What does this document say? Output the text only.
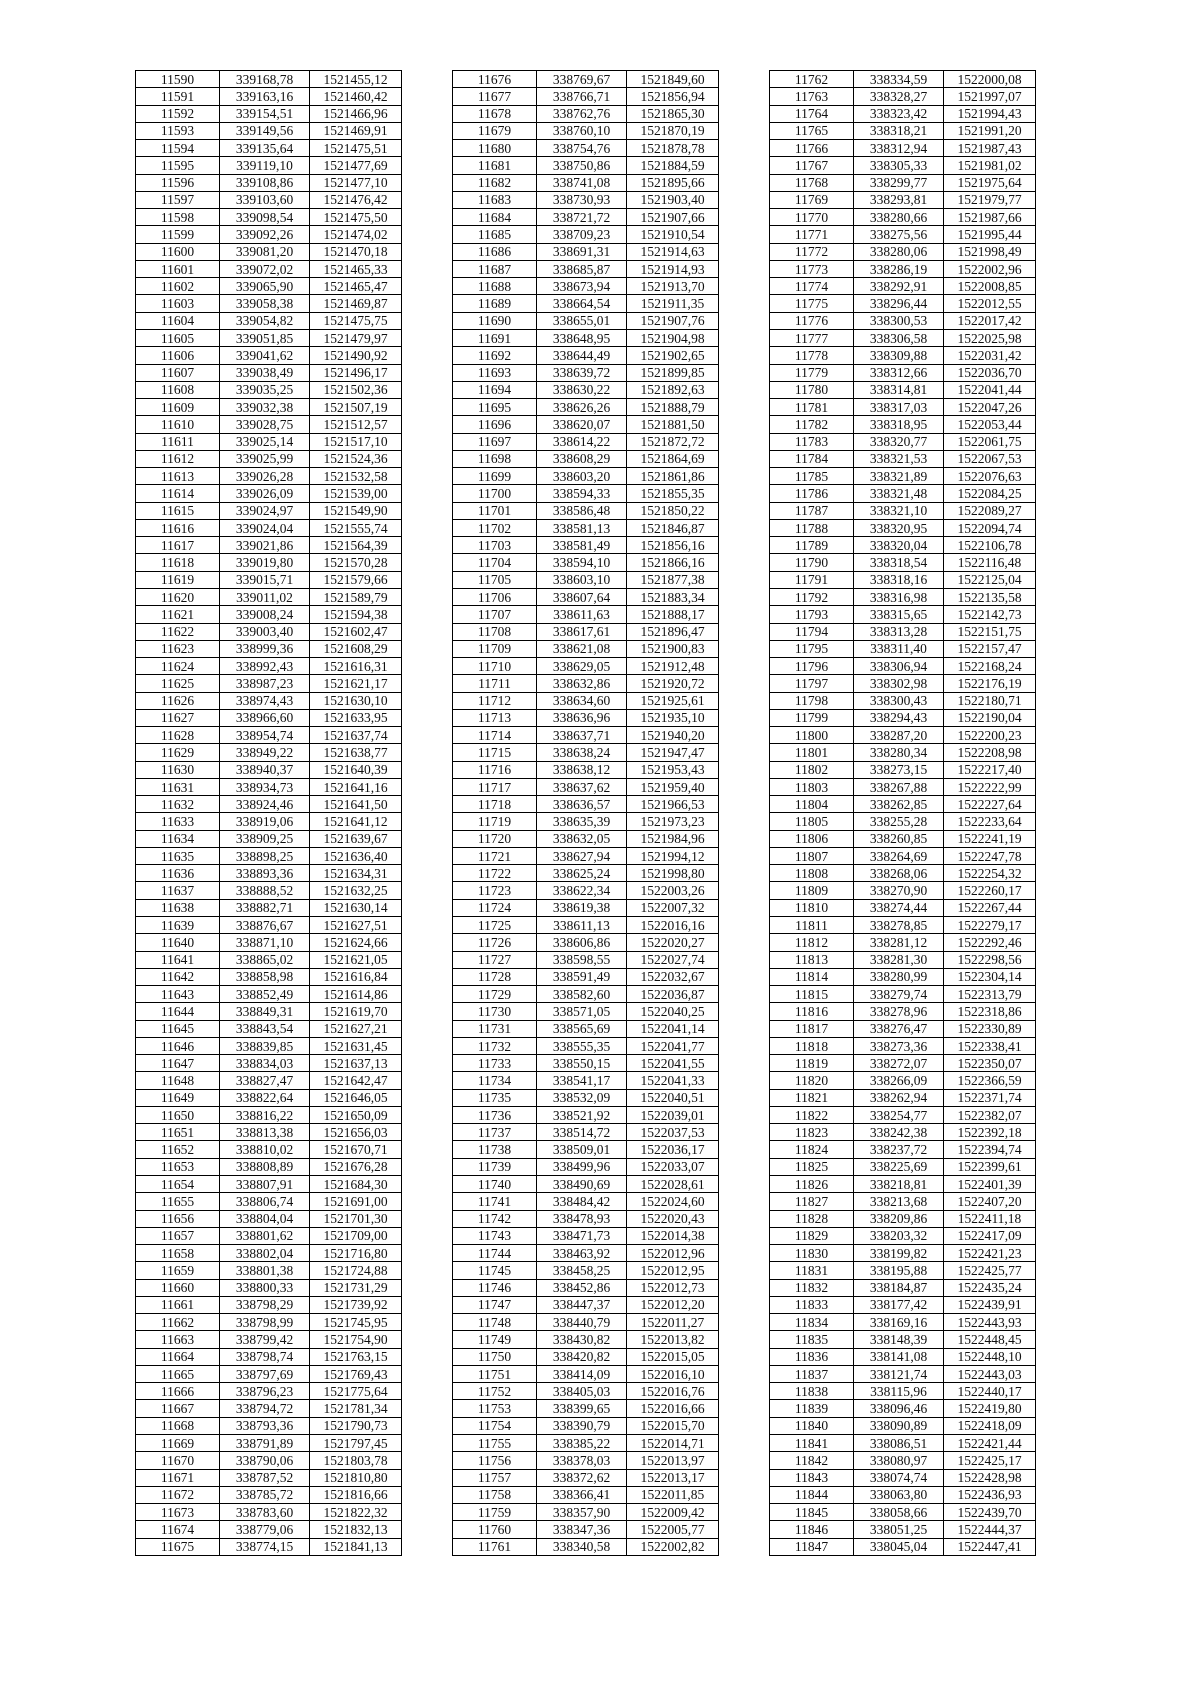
11590	339168,78	1521455,12
11591	339163,16	1521460,42
11592	339154,51	1521466,96
11593	339149,56	1521469,91
11594	339135,64	1521475,51
11595	339119,10	1521477,69
11596	339108,86	1521477,10
11597	339103,60	1521476,42
11598	339098,54	1521475,50
11599	339092,26	1521474,02
11600	339081,20	1521470,18
11601	339072,02	1521465,33
11602	339065,90	1521465,47
11603	339058,38	1521469,87
11604	339054,82	1521475,75
11605	339051,85	1521479,97
11606	339041,62	1521490,92
11607	339038,49	1521496,17
11608	339035,25	1521502,36
11609	339032,38	1521507,19
11610	339028,75	1521512,57
11611	339025,14	1521517,10
11612	339025,99	1521524,36
11613	339026,28	1521532,58
11614	339026,09	1521539,00
11615	339024,97	1521549,90
11616	339024,04	1521555,74
11617	339021,86	1521564,39
11618	339019,80	1521570,28
11619	339015,71	1521579,66
11620	339011,02	1521589,79
11621	339008,24	1521594,38
11622	339003,40	1521602,47
11623	338999,36	1521608,29
11624	338992,43	1521616,31
11625	338987,23	1521621,17
11626	338974,43	1521630,10
11627	338966,60	1521633,95
11628	338954,74	1521637,74
11629	338949,22	1521638,77
11630	338940,37	1521640,39
11631	338934,73	1521641,16
11632	338924,46	1521641,50
11633	338919,06	1521641,12
11634	338909,25	1521639,67
11635	338898,25	1521636,40
11636	338893,36	1521634,31
11637	338888,52	1521632,25
11638	338882,71	1521630,14
11639	338876,67	1521627,51
11640	338871,10	1521624,66
11641	338865,02	1521621,05
11642	338858,98	1521616,84
11643	338852,49	1521614,86
11644	338849,31	1521619,70
11645	338843,54	1521627,21
11646	338839,85	1521631,45
11647	338834,03	1521637,13
11648	338827,47	1521642,47
11649	338822,64	1521646,05
11650	338816,22	1521650,09
11651	338813,38	1521656,03
11652	338810,02	1521670,71
11653	338808,89	1521676,28
11654	338807,91	1521684,30
11655	338806,74	1521691,00
11656	338804,04	1521701,30
11657	338801,62	1521709,00
11658	338802,04	1521716,80
11659	338801,38	1521724,88
11660	338800,33	1521731,29
11661	338798,29	1521739,92
11662	338798,99	1521745,95
11663	338799,42	1521754,90
11664	338798,74	1521763,15
11665	338797,69	1521769,43
11666	338796,23	1521775,64
11667	338794,72	1521781,34
11668	338793,36	1521790,73
11669	338791,89	1521797,45
11670	338790,06	1521803,78
11671	338787,52	1521810,80
11672	338785,72	1521816,66
11673	338783,60	1521822,32
11674	338779,06	1521832,13
11675	338774,15	1521841,13
11676	338769,67	1521849,60
11677	338766,71	1521856,94
11678	338762,76	1521865,30
11679	338760,10	1521870,19
11680	338754,76	1521878,78
11681	338750,86	1521884,59
11682	338741,08	1521895,66
11683	338730,93	1521903,40
11684	338721,72	1521907,66
11685	338709,23	1521910,54
11686	338691,31	1521914,63
11687	338685,87	1521914,93
11688	338673,94	1521913,70
11689	338664,54	1521911,35
11690	338655,01	1521907,76
11691	338648,95	1521904,98
11692	338644,49	1521902,65
11693	338639,72	1521899,85
11694	338630,22	1521892,63
11695	338626,26	1521888,79
11696	338620,07	1521881,50
11697	338614,22	1521872,72
11698	338608,29	1521864,69
11699	338603,20	1521861,86
11700	338594,33	1521855,35
11701	338586,48	1521850,22
11702	338581,13	1521846,87
11703	338581,49	1521856,16
11704	338594,10	1521866,16
11705	338603,10	1521877,38
11706	338607,64	1521883,34
11707	338611,63	1521888,17
11708	338617,61	1521896,47
11709	338621,08	1521900,83
11710	338629,05	1521912,48
11711	338632,86	1521920,72
11712	338634,60	1521925,61
11713	338636,96	1521935,10
11714	338637,71	1521940,20
11715	338638,24	1521947,47
11716	338638,12	1521953,43
11717	338637,62	1521959,40
11718	338636,57	1521966,53
11719	338635,39	1521973,23
11720	338632,05	1521984,96
11721	338627,94	1521994,12
11722	338625,24	1521998,80
11723	338622,34	1522003,26
11724	338619,38	1522007,32
11725	338611,13	1522016,16
11726	338606,86	1522020,27
11727	338598,55	1522027,74
11728	338591,49	1522032,67
11729	338582,60	1522036,87
11730	338571,05	1522040,25
11731	338565,69	1522041,14
11732	338555,35	1522041,77
11733	338550,15	1522041,55
11734	338541,17	1522041,33
11735	338532,09	1522040,51
11736	338521,92	1522039,01
11737	338514,72	1522037,53
11738	338509,01	1522036,17
11739	338499,96	1522033,07
11740	338490,69	1522028,61
11741	338484,42	1522024,60
11742	338478,93	1522020,43
11743	338471,73	1522014,38
11744	338463,92	1522012,96
11745	338458,25	1522012,95
11746	338452,86	1522012,73
11747	338447,37	1522012,20
11748	338440,79	1522011,27
11749	338430,82	1522013,82
11750	338420,82	1522015,05
11751	338414,09	1522016,10
11752	338405,03	1522016,76
11753	338399,65	1522016,66
11754	338390,79	1522015,70
11755	338385,22	1522014,71
11756	338378,03	1522013,97
11757	338372,62	1522013,17
11758	338366,41	1522011,85
11759	338357,90	1522009,42
11760	338347,36	1522005,77
11761	338340,58	1522002,82
11762	338334,59	1522000,08
11763	338328,27	1521997,07
11764	338323,42	1521994,43
11765	338318,21	1521991,20
11766	338312,94	1521987,43
11767	338305,33	1521981,02
11768	338299,77	1521975,64
11769	338293,81	1521979,77
11770	338280,66	1521987,66
11771	338275,56	1521995,44
11772	338280,06	1521998,49
11773	338286,19	1522002,96
11774	338292,91	1522008,85
11775	338296,44	1522012,55
11776	338300,53	1522017,42
11777	338306,58	1522025,98
11778	338309,88	1522031,42
11779	338312,66	1522036,70
11780	338314,81	1522041,44
11781	338317,03	1522047,26
11782	338318,95	1522053,44
11783	338320,77	1522061,75
11784	338321,53	1522067,53
11785	338321,89	1522076,63
11786	338321,48	1522084,25
11787	338321,10	1522089,27
11788	338320,95	1522094,74
11789	338320,04	1522106,78
11790	338318,54	1522116,48
11791	338318,16	1522125,04
11792	338316,98	1522135,58
11793	338315,65	1522142,73
11794	338313,28	1522151,75
11795	338311,40	1522157,47
11796	338306,94	1522168,24
11797	338302,98	1522176,19
11798	338300,43	1522180,71
11799	338294,43	1522190,04
11800	338287,20	1522200,23
11801	338280,34	1522208,98
11802	338273,15	1522217,40
11803	338267,88	1522222,99
11804	338262,85	1522227,64
11805	338255,28	1522233,64
11806	338260,85	1522241,19
11807	338264,69	1522247,78
11808	338268,06	1522254,32
11809	338270,90	1522260,17
11810	338274,44	1522267,44
11811	338278,85	1522279,17
11812	338281,12	1522292,46
11813	338281,30	1522298,56
11814	338280,99	1522304,14
11815	338279,74	1522313,79
11816	338278,96	1522318,86
11817	338276,47	1522330,89
11818	338273,36	1522338,41
11819	338272,07	1522350,07
11820	338266,09	1522366,59
11821	338262,94	1522371,74
11822	338254,77	1522382,07
11823	338242,38	1522392,18
11824	338237,72	1522394,74
11825	338225,69	1522399,61
11826	338218,81	1522401,39
11827	338213,68	1522407,20
11828	338209,86	1522411,18
11829	338203,32	1522417,09
11830	338199,82	1522421,23
11831	338195,88	1522425,77
11832	338184,87	1522435,24
11833	338177,42	1522439,91
11834	338169,16	1522443,93
11835	338148,39	1522448,45
11836	338141,08	1522448,10
11837	338121,74	1522443,03
11838	338115,96	1522440,17
11839	338096,46	1522419,80
11840	338090,89	1522418,09
11841	338086,51	1522421,44
11842	338080,97	1522425,17
11843	338074,74	1522428,98
11844	338063,80	1522436,93
11845	338058,66	1522439,70
11846	338051,25	1522444,37
11847	338045,04	1522447,41
